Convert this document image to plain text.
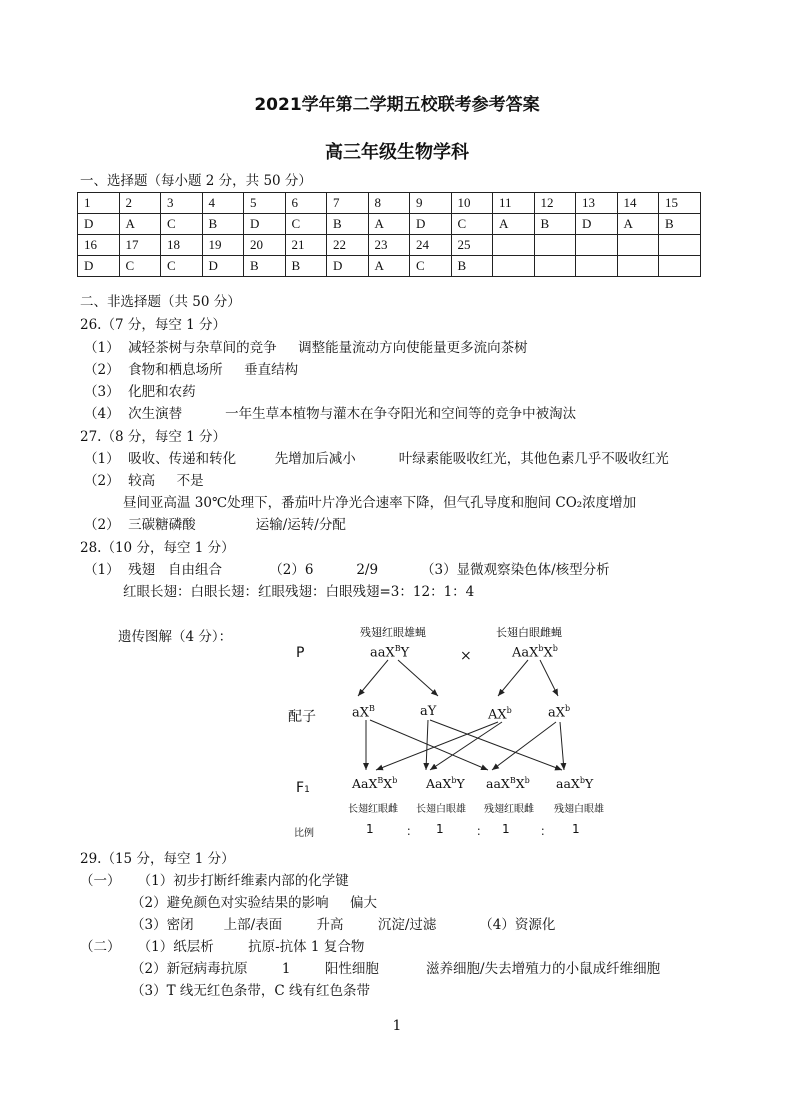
2021学年第二学期五校联考参考答案
高三年级生物学科
一、选择题（每小题 2 分，共 50 分）
1	2	3	4	5	6	7	8	9	10	11	12	13	14	15
D	A	C	B	D	C	B	A	D	C	A	B	D	A	B
16	17	18	19	20	21	22	23	24	25					
D	C	C	D	B	B	D	A	C	B					
二、非选择题（共 50 分）
26.（7 分，每空 1 分）
（1）  减轻茶树与杂草间的竞争     调整能量流动方向使能量更多流向茶树
（2）  食物和栖息场所     垂直结构
（3）  化肥和农药
（4）  次生演替          一年生草本植物与灌木在争夺阳光和空间等的竞争中被淘汰
27.（8 分，每空 1 分）
（1）  吸收、传递和转化         先增加后减小          叶绿素能吸收红光，其他色素几乎不吸收红光
（2）  较高     不是
昼间亚高温 30℃处理下，番茄叶片净光合速率下降，但气孔导度和胞间 CO₂浓度增加
（2）  三碳糖磷酸              运输/运转/分配
28.（10 分，每空 1 分）
（1）  残翅   自由组合           （2）6          2/9          （3）显微观察染色体/核型分析
红眼长翅：白眼长翅：红眼残翅：白眼残翅=3：12：1：4
遗传图解（4 分）：
P
残翅红眼雄蝇	长翅白眼雌蝇
aaX$^B$Y	×	$AaX^bX^b$
配子	$aX^B$	aY	$AX^b$	$aX^b$
F1	$AaX^BX^b$ AaX$^b$Y $aaX^BX^b$ aaX$^b$Y
长翅红眼雌 长翅白眼雄 残翅红眼雌 残翅白眼雄
比例	1	： 1	： 1	： 1
29.（15 分，每空 1 分）
（一）    （1）初步打断纤维素内部的化学键
（2）避免颜色对实验结果的影响     偏大
（3）密闭       上部/表面        升高        沉淀/过滤          （4）资源化
（二）    （1）纸层析        抗原-抗体 1 复合物
（2）新冠病毒抗原        1        阳性细胞           滋养细胞/失去增殖力的小鼠成纤维细胞
（3）T 线无红色条带，C 线有红色条带
1
